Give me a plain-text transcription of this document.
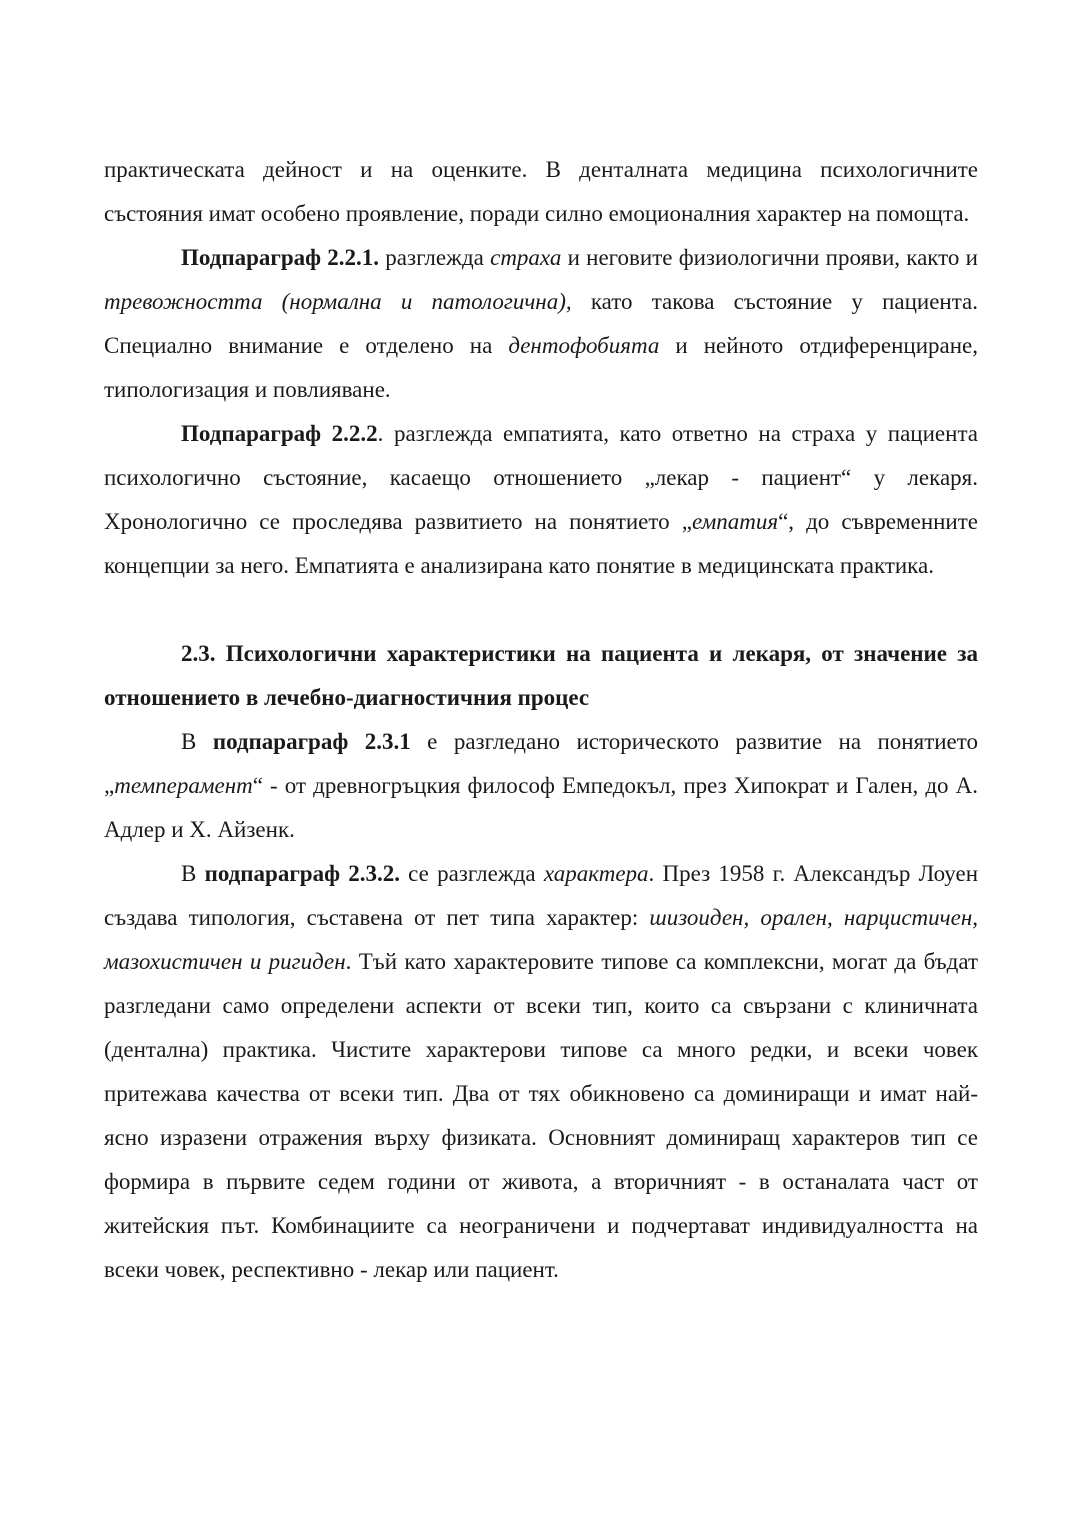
практическата дейност и на оценките. В денталната медицина психологичните състояния имат особено проявление, поради силно емоционалния характер на помощта.

Подпараграф 2.2.1. разглежда страха и неговите физиологични прояви, както и тревожността (нормална и патологична), като такова състояние у пациента. Специално внимание е отделено на дентофобията и нейното отдиференциране, типологизация и повлияване.

Подпараграф 2.2.2. разглежда емпатията, като ответно на страха у пациента психологично състояние, касаещо отношението „лекар - пациент“ у лекаря. Хронологично се проследява развитието на понятието „емпатия“, до съвременните концепции за него. Емпатията е анализирана като понятие в медицинската практика.

2.3. Психологични характеристики на пациента и лекаря, от значение за отношението в лечебно-диагностичния процес

В подпараграф 2.3.1 е разгледано историческото развитие на понятието „темперамент“ - от древногръцкия философ Емпедокъл, през Хипократ и Гален, до А. Адлер и Х. Айзенк.

В подпараграф 2.3.2. се разглежда характера. През 1958 г. Александър Лоуен създава типология, съставена от пет типа характер: шизоиден, орален, нарцистичен, мазохистичен и ригиден. Тъй като характеровите типове са комплексни, могат да бъдат разгледани само определени аспекти от всеки тип, които са свързани с клиничната (дентална) практика. Чистите характерови типове са много редки, и всеки човек притежава качества от всеки тип. Два от тях обикновено са доминиращи и имат най-ясно изразени отражения върху физиката. Основният доминиращ характеров тип се формира в първите седем години от живота, а вторичният - в останалата част от житейския път. Комбинациите са неограничени и подчертават индивидуалността на всеки човек, респективно - лекар или пациент.
